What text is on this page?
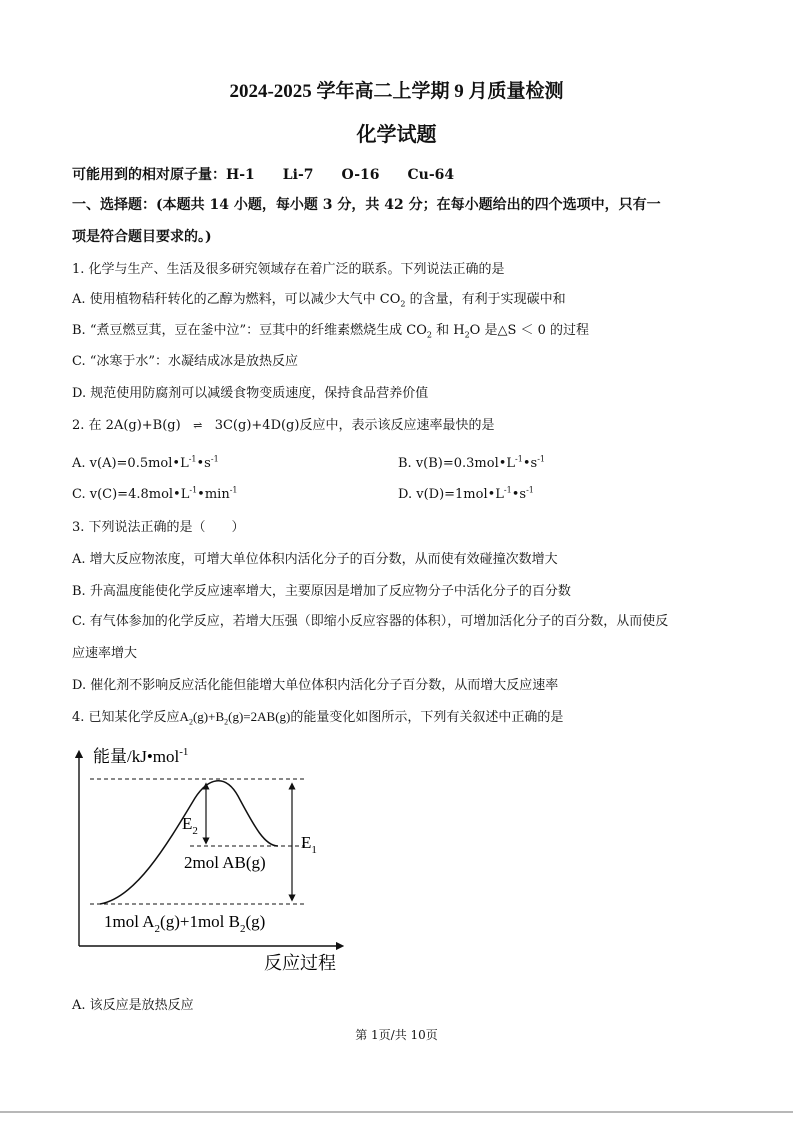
2024-2025 学年高二上学期 9 月质量检测
化学试题
可能用到的相对原子量：H-1　　Li-7　　O-16　　Cu-64
一、选择题：(本题共 14 小题，每小题 3 分，共 42 分；在每小题给出的四个选项中，只有一
项是符合题目要求的。)
1. 化学与生产、生活及很多研究领域存在着广泛的联系。下列说法正确的是
A. 使用植物秸秆转化的乙醇为燃料，可以减少大气中 $CO_2$ 的含量，有利于实现碳中和
B. “煮豆燃豆萁，豆在釜中泣”：豆萁中的纤维素燃烧生成 $CO_2$ 和 $H_2O$ 是△S ＜ 0 的过程
C. “冰寒于水”：水凝结成冰是放热反应
D. 规范使用防腐剂可以减缓食物变质速度，保持食品营养价值
2. 在 2A(g)+B(g) ⇌ 3C(g)+4D(g)反应中，表示该反应速率最快的是
A. $v(A)=0.5mol•L^{-1}•s^{-1}$	B. $v(B)=0.3mol•L^{-1}•s^{-1}$
C. $v(C)=4.8mol•L^{-1}•\min^{-1}$	D. $v(D)=1mol•L^{-1}•s^{-1}$
3. 下列说法正确的是（　　）
A. 增大反应物浓度，可增大单位体积内活化分子的百分数，从而使有效碰撞次数增大
B. 升高温度能使化学反应速率增大，主要原因是增加了反应物分子中活化分子的百分数
C. 有气体参加的化学反应，若增大压强（即缩小反应容器的体积），可增加活化分子的百分数，从而使反
应速率增大
D. 催化剂不影响反应活化能但能增大单位体积内活化分子百分数，从而增大反应速率
4. 已知某化学反应$A_2(g)+B_2(g)=2AB(g)$的能量变化如图所示，下列有关叙述中正确的是
能量/kJ•mol$^{-1}$
$E_2$
$E_1$
2mol AB(g)
1mol $A_2(g)+1mol$ $B_2(g)$
反应过程
A. 该反应是放热反应
第 1页/共 10页
